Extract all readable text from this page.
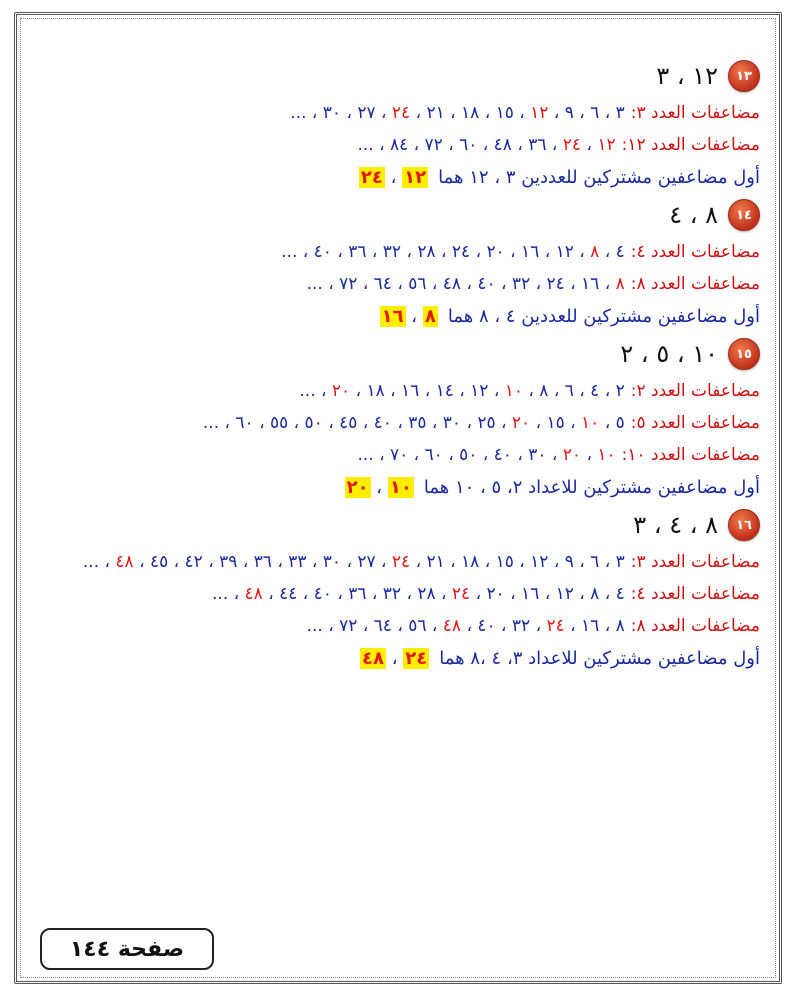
١٣
١٢ ، ٣
مضاعفات العدد ٣:٣ ، ٦ ، ٩ ، ١٢ ، ١٥ ، ١٨ ، ٢١ ، ٢٤ ، ٢٧ ، ٣٠ ، ...
مضاعفات العدد ١٢:١٢ ، ٢٤ ، ٣٦ ، ٤٨ ، ٦٠ ، ٧٢ ، ٨٤ ، ...
أول مضاعفين مشتركين للعددين ٣ ، ١٢ هما١٢ ، ٢٤
١٤
٨ ، ٤
مضاعفات العدد ٤:٤ ، ٨ ، ١٢ ، ١٦ ، ٢٠ ، ٢٤ ، ٢٨ ، ٣٢ ، ٣٦ ، ٤٠ ، ...
مضاعفات العدد ٨:٨ ، ١٦ ، ٢٤ ، ٣٢ ، ٤٠ ، ٤٨ ، ٥٦ ، ٦٤ ، ٧٢ ، ...
أول مضاعفين مشتركين للعددين ٤ ، ٨ هما٨ ، ١٦
١٥
١٠ ، ٥ ، ٢
مضاعفات العدد ٢:٢ ، ٤ ، ٦ ، ٨ ، ١٠ ، ١٢ ، ١٤ ، ١٦ ، ١٨ ، ٢٠ ، ...
مضاعفات العدد ٥:٥ ، ١٠ ، ١٥ ، ٢٠ ، ٢٥ ، ٣٠ ، ٣٥ ، ٤٠ ، ٤٥ ، ٥٠ ، ٥٥ ، ٦٠ ، ...
مضاعفات العدد ١٠:١٠ ، ٢٠ ، ٣٠ ، ٤٠ ، ٥٠ ، ٦٠ ، ٧٠ ، ...
أول مضاعفين مشتركين للاعداد ٢، ٥ ، ١٠ هما١٠ ، ٢٠
١٦
٨ ، ٤ ، ٣
مضاعفات العدد ٣:٣ ، ٦ ، ٩ ، ١٢ ، ١٥ ، ١٨ ، ٢١ ، ٢٤ ، ٢٧ ، ٣٠ ، ٣٣ ، ٣٦ ، ٣٩ ، ٤٢ ، ٤٥ ، ٤٨ ، ...
مضاعفات العدد ٤:٤ ، ٨ ، ١٢ ، ١٦ ، ٢٠ ، ٢٤ ، ٢٨ ، ٣٢ ، ٣٦ ، ٤٠ ، ٤٤ ، ٤٨ ، ...
مضاعفات العدد ٨:٨ ، ١٦ ، ٢٤ ، ٣٢ ، ٤٠ ، ٤٨ ، ٥٦ ، ٦٤ ، ٧٢ ، ...
أول مضاعفين مشتركين للاعداد ٣، ٤ ،٨ هما٢٤ ، ٤٨
صفحة ١٤٤
